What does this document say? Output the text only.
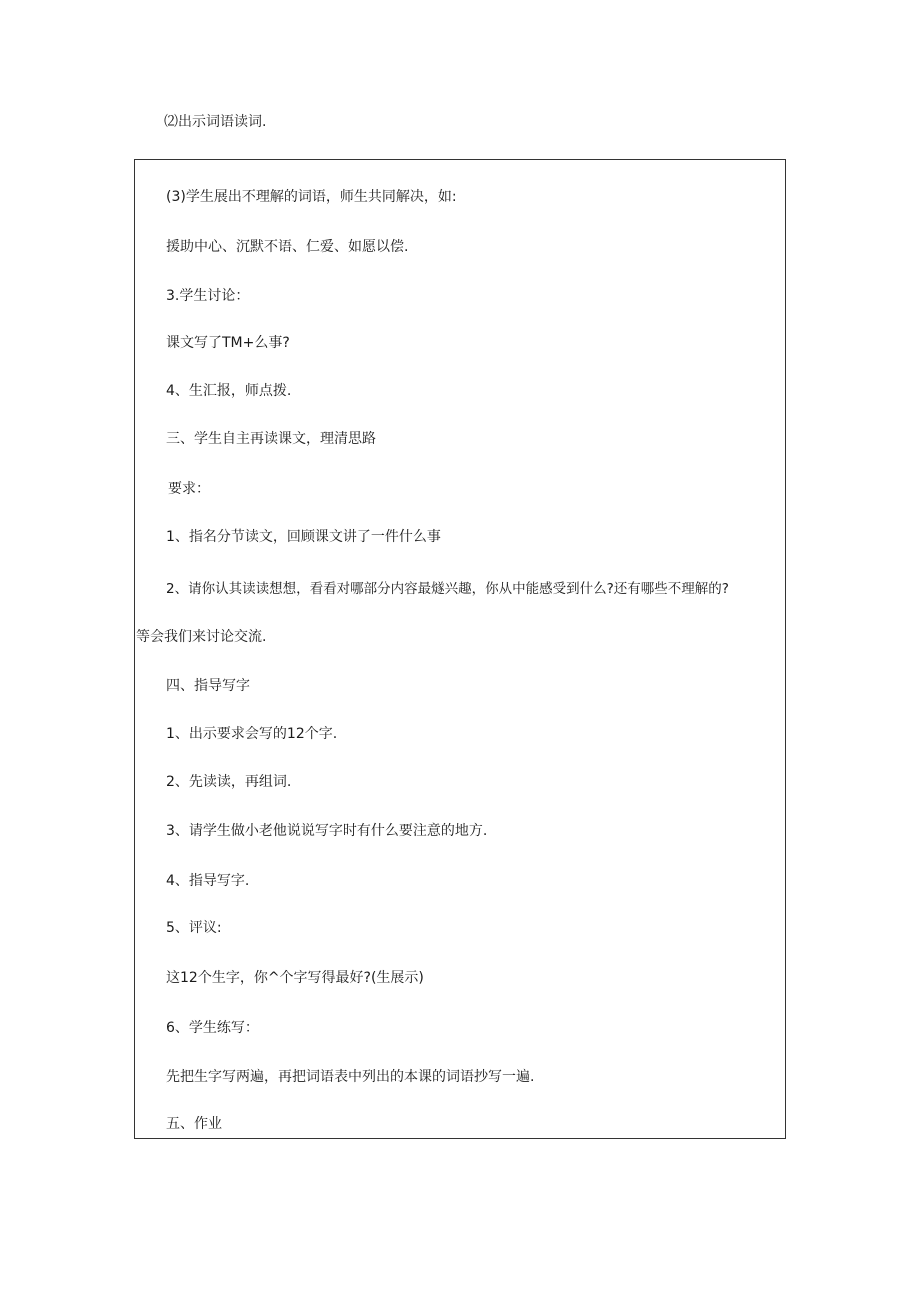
⑵出示词语读词.

(3)学生展出不理解的词语，师生共同解决，如:

援助中心、沉默不语、仁爱、如愿以偿.

3.学生讨论：

课文写了TM+么事?

4、生汇报，师点拨.

三、学生自主再读课文，理清思路

要求：

1、指名分节读文，回顾课文讲了一件什么事

2、请你认其读读想想，看看对哪部分内容最燧兴趣，你从中能感受到什么?还有哪些不理解的?

等会我们来讨论交流.

四、指导写字

1、出示要求会写的12个字.

2、先读读，再组词.

3、请学生做小老他说说写字时有什么要注意的地方.

4、指导写字.

5、评议:

这12个生字，你^个字写得最好?(生展示)

6、学生练写：

先把生字写两遍，再把词语表中列出的本课的词语抄写一遍.

五、作业
